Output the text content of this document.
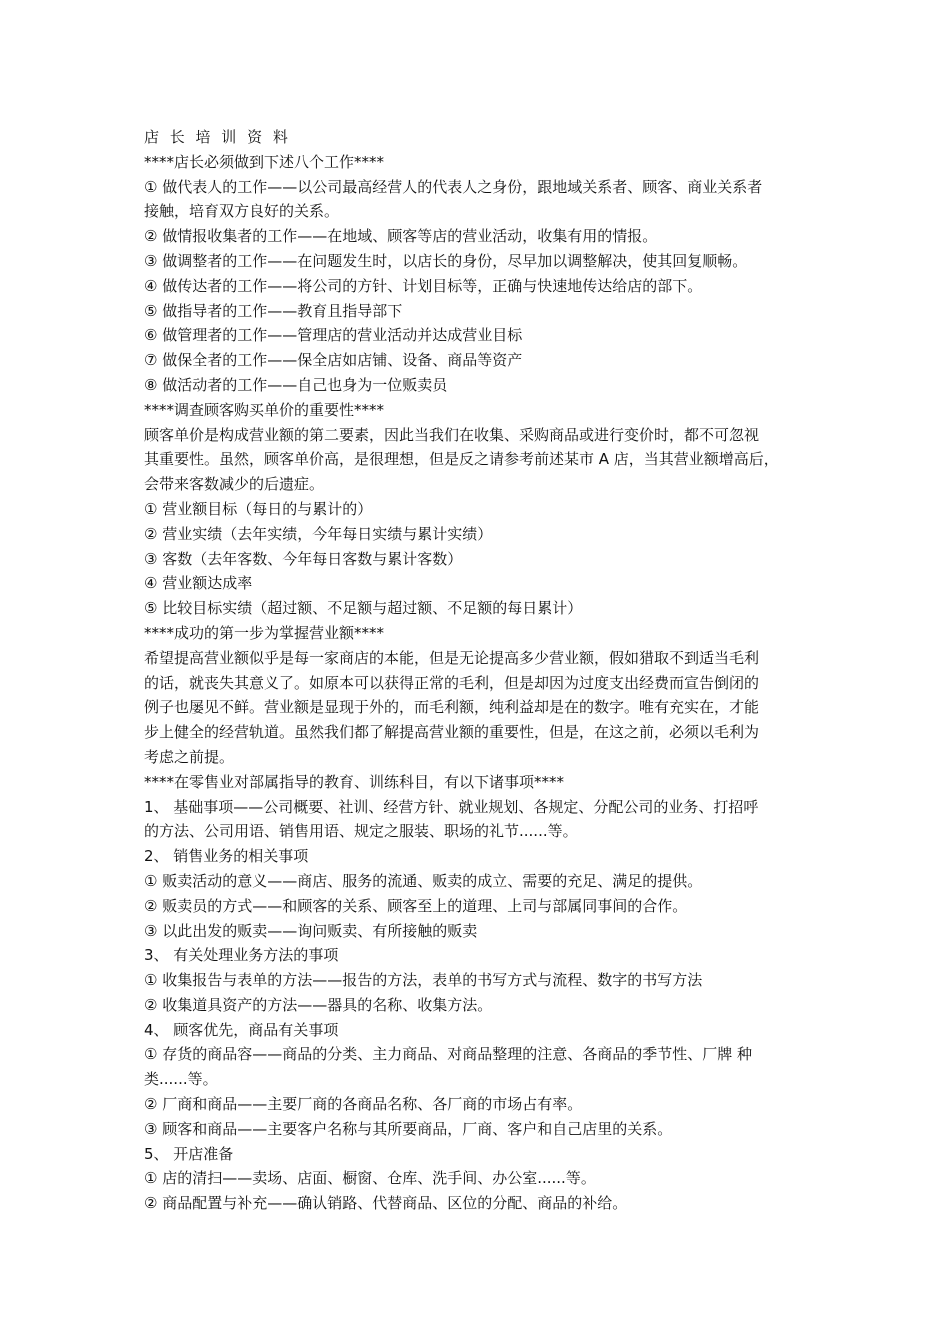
店 长 培 训 资 料
****店长必须做到下述八个工作****
① 做代表人的工作——以公司最高经营人的代表人之身份，跟地域关系者、顾客、商业关系者
接触，培育双方良好的关系。
② 做情报收集者的工作——在地域、顾客等店的营业活动，收集有用的情报。
③ 做调整者的工作——在问题发生时，以店长的身份，尽早加以调整解决，使其回复顺畅。
④ 做传达者的工作——将公司的方针、计划目标等，正确与快速地传达给店的部下。
⑤ 做指导者的工作——教育且指导部下
⑥ 做管理者的工作——管理店的营业活动并达成营业目标
⑦ 做保全者的工作——保全店如店铺、设备、商品等资产
⑧ 做活动者的工作——自己也身为一位贩卖员
****调查顾客购买单价的重要性****
顾客单价是构成营业额的第二要素，因此当我们在收集、采购商品或进行变价时，都不可忽视
其重要性。虽然，顾客单价高，是很理想，但是反之请参考前述某市 A 店，当其营业额增高后，
会带来客数减少的后遗症。
① 营业额目标（每日的与累计的）
② 营业实绩（去年实绩，今年每日实绩与累计实绩）
③ 客数（去年客数、今年每日客数与累计客数）
④ 营业额达成率
⑤ 比较目标实绩（超过额、不足额与超过额、不足额的每日累计）
****成功的第一步为掌握营业额****
希望提高营业额似乎是每一家商店的本能，但是无论提高多少营业额，假如猎取不到适当毛利
的话，就丧失其意义了。如原本可以获得正常的毛利，但是却因为过度支出经费而宣告倒闭的
例子也屡见不鲜。营业额是显现于外的，而毛利额，纯利益却是在的数字。唯有充实在，才能
步上健全的经营轨道。虽然我们都了解提高营业额的重要性，但是，在这之前，必须以毛利为
考虑之前提。
****在零售业对部属指导的教育、训练科目，有以下诸事项****
1、 基础事项——公司概要、社训、经营方针、就业规划、各规定、分配公司的业务、打招呼
的方法、公司用语、销售用语、规定之服装、职场的礼节......等。
2、 销售业务的相关事项
① 贩卖活动的意义——商店、服务的流通、贩卖的成立、需要的充足、满足的提供。
② 贩卖员的方式——和顾客的关系、顾客至上的道理、上司与部属同事间的合作。
③ 以此出发的贩卖——询问贩卖、有所接触的贩卖
3、 有关处理业务方法的事项
① 收集报告与表单的方法——报告的方法，表单的书写方式与流程、数字的书写方法
② 收集道具资产的方法——器具的名称、收集方法。
4、 顾客优先，商品有关事项
① 存货的商品容——商品的分类、主力商品、对商品整理的注意、各商品的季节性、厂牌 种
类......等。
② 厂商和商品——主要厂商的各商品名称、各厂商的市场占有率。
③ 顾客和商品——主要客户名称与其所要商品，厂商、客户和自己店里的关系。
5、 开店准备
① 店的清扫——卖场、店面、橱窗、仓库、洗手间、办公室......等。
② 商品配置与补充——确认销路、代替商品、区位的分配、商品的补给。
